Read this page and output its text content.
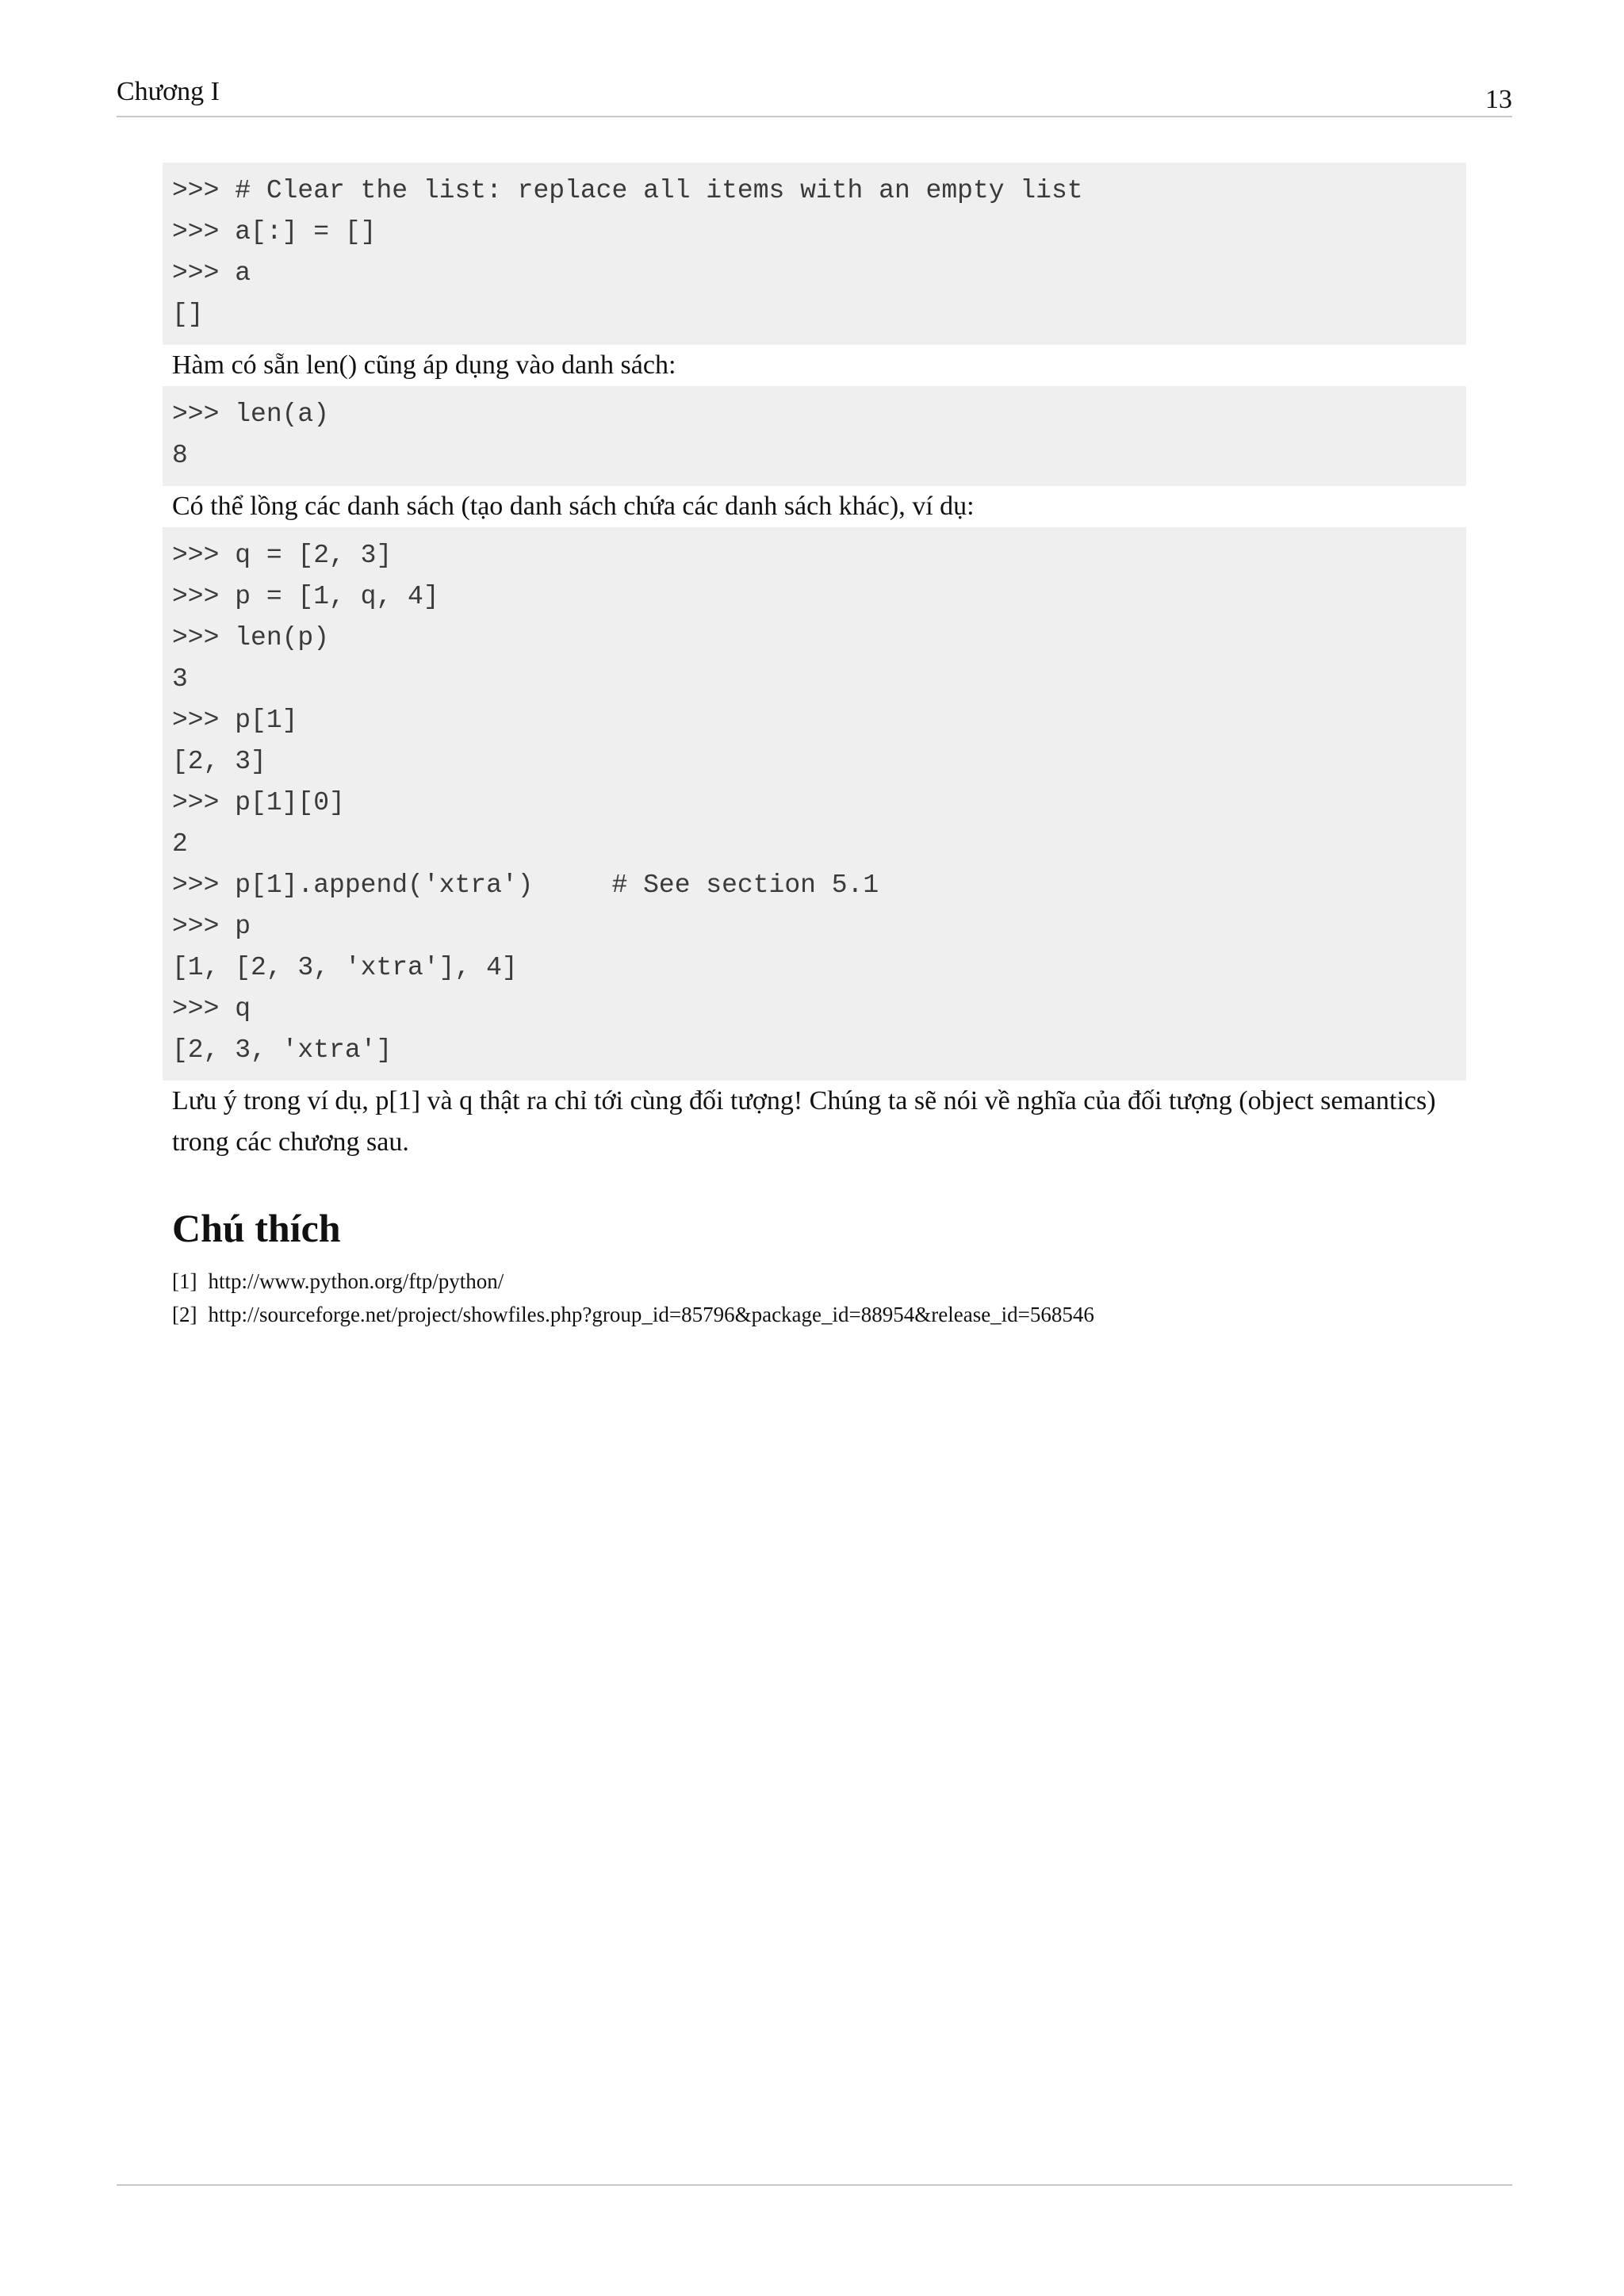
Chương I	13
>>> # Clear the list: replace all items with an empty list
>>> a[:] = []
>>> a
[]

Hàm có sẵn len() cũng áp dụng vào danh sách:

>>> len(a)
8

Có thể lồng các danh sách (tạo danh sách chứa các danh sách khác), ví dụ:

>>> q = [2, 3]
>>> p = [1, q, 4]
>>> len(p)
3
>>> p[1]
[2, 3]
>>> p[1][0]
2
>>> p[1].append('xtra')     # See section 5.1
>>> p
[1, [2, 3, 'xtra'], 4]
>>> q
[2, 3, 'xtra']

Lưu ý trong ví dụ, p[1] và q thật ra chỉ tới cùng đối tượng! Chúng ta sẽ nói về nghĩa của đối tượng (object semantics) trong các chương sau.

Chú thích
[1] http://www.python.org/ftp/python/
[2] http://sourceforge.net/project/showfiles.php?group_id=85796&package_id=88954&release_id=568546
